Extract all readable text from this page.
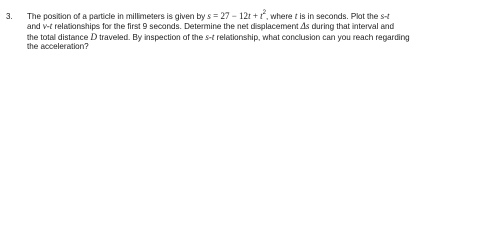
3. The position of a particle in millimeters is given by $s = 27 - 12t + t^2$, where t is in seconds. Plot the s-t
and v-t relationships for the first 9 seconds. Determine the net displacement Δs during that interval and
the total distance D traveled. By inspection of the s-t relationship, what conclusion can you reach regarding
the acceleration?
